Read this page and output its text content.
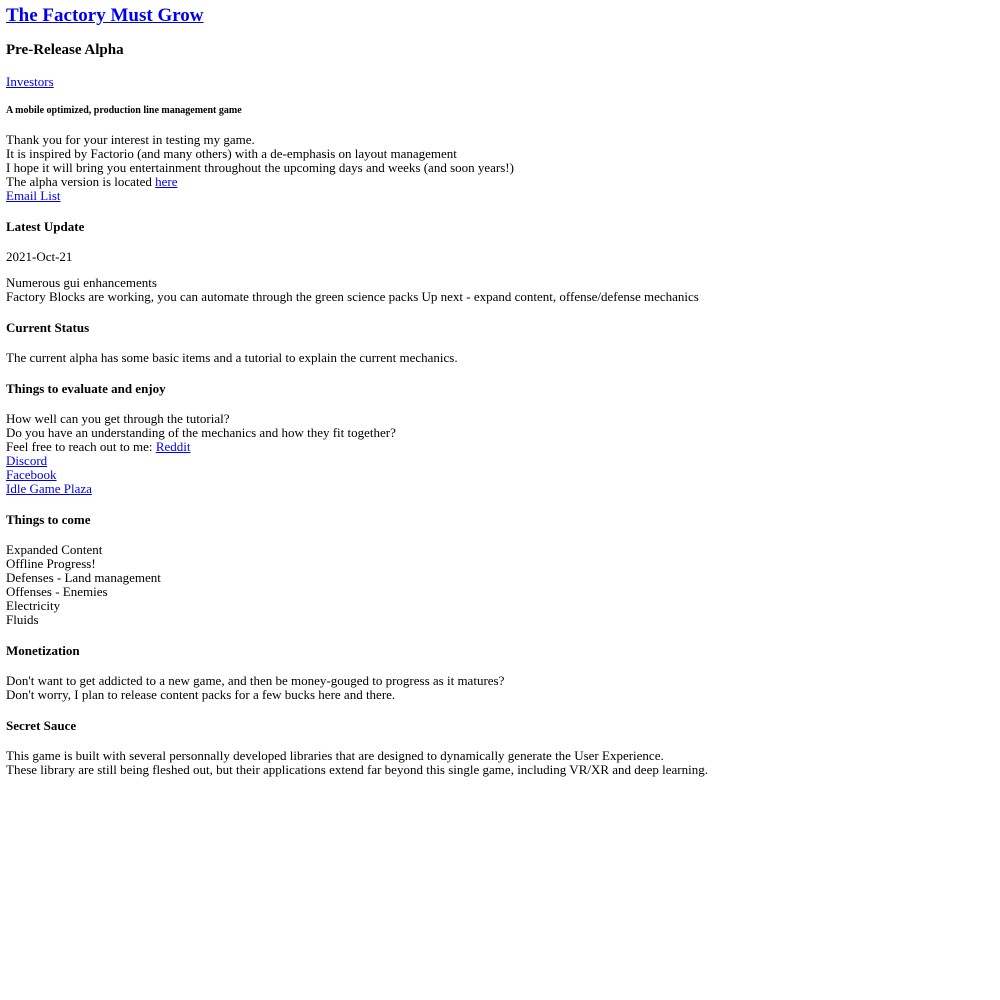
The Factory Must Grow
Pre-Release Alpha
Investors
A mobile optimized, production line management game
Thank you for your interest in testing my game.
It is inspired by Factorio (and many others) with a de-emphasis on layout management
I hope it will bring you entertainment throughout the upcoming days and weeks (and soon years!)
The alpha version is located here
Email List
Latest Update
2021-Oct-21
Numerous gui enhancements
Factory Blocks are working, you can automate through the green science packs Up next - expand content, offense/defense mechanics
Current Status
The current alpha has some basic items and a tutorial to explain the current mechanics.
Things to evaluate and enjoy
How well can you get through the tutorial?
Do you have an understanding of the mechanics and how they fit together?
Feel free to reach out to me: Reddit
Discord
Facebook
Idle Game Plaza
Things to come
Expanded Content
Offline Progress!
Defenses - Land management
Offenses - Enemies
Electricity
Fluids
Monetization
Don't want to get addicted to a new game, and then be money-gouged to progress as it matures?
Don't worry, I plan to release content packs for a few bucks here and there.
Secret Sauce
This game is built with several personnally developed libraries that are designed to dynamically generate the User Experience.
These library are still being fleshed out, but their applications extend far beyond this single game, including VR/XR and deep learning.
